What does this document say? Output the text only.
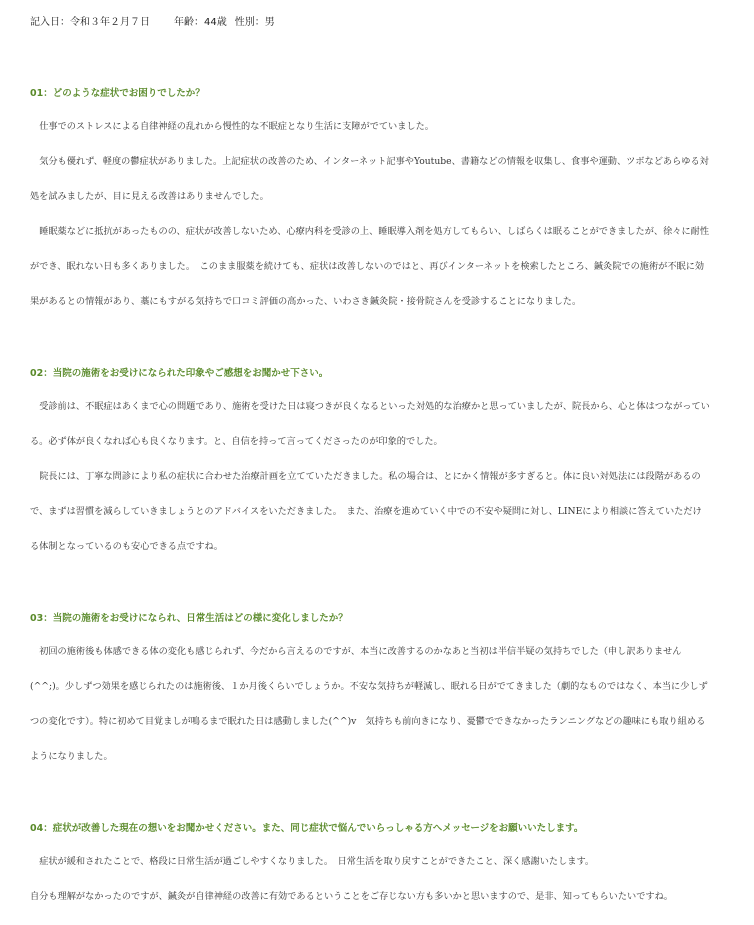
記入日：令和３年２月７日 年齢：44歳 性別：男
01：どのような症状でお困りでしたか？

仕事でのストレスによる自律神経の乱れから慢性的な不眠症となり生活に支障がでていました。

気分も優れず、軽度の鬱症状がありました。上記症状の改善のため、インターネット記事やYoutube、書籍などの情報を収集し、食事や運動、ツボなどあらゆる対処を試みましたが、目に見える改善はありませんでした。

睡眠薬などに抵抗があったものの、症状が改善しないため、心療内科を受診の上、睡眠導入剤を処方してもらい、しばらくは眠ることができましたが、徐々に耐性ができ、眠れない日も多くありました。　このまま服薬を続けても、症状は改善しないのではと、再びインターネットを検索したところ、鍼灸院での施術が不眠に効果があるとの情報があり、藁にもすがる気持ちで口コミ評価の高かった、いわさき鍼灸院・接骨院さんを受診することになりました。

02：当院の施術をお受けになられた印象やご感想をお聞かせ下さい。

受診前は、不眠症はあくまで心の問題であり、施術を受けた日は寝つきが良くなるといった対処的な治療かと思っていましたが、院長から、心と体はつながっている。必ず体が良くなれば心も良くなります。と、自信を持って言ってくださったのが印象的でした。

院長には、丁寧な問診により私の症状に合わせた治療計画を立てていただきました。私の場合は、とにかく情報が多すぎると。体に良い対処法には段階があるので、まずは習慣を減らしていきましょうとのアドバイスをいただきました。　また、治療を進めていく中での不安や疑問に対し、LINEにより相談に答えていただける体制となっているのも安心できる点ですね。

03：当院の施術をお受けになられ、日常生活はどの様に変化しましたか？

初回の施術後も体感できる体の変化も感じられず、今だから言えるのですが、本当に改善するのかなあと当初は半信半疑の気持ちでした（申し訳ありません(^^;)。少しずつ効果を感じられたのは施術後、１か月後くらいでしょうか。不安な気持ちが軽減し、眠れる日がでてきました（劇的なものではなく、本当に少しずつの変化です）。特に初めて目覚ましが鳴るまで眠れた日は感動しました(^^)v　気持ちも前向きになり、憂鬱でできなかったランニングなどの趣味にも取り組めるようになりました。

04：症状が改善した現在の想いをお聞かせください。また、同じ症状で悩んでいらっしゃる方へメッセージをお願いいたします。

症状が緩和されたことで、格段に日常生活が過ごしやすくなりました。　日常生活を取り戻すことができたこと、深く感謝いたします。

自分も理解がなかったのですが、鍼灸が自律神経の改善に有効であるということをご存じない方も多いかと思いますので、是非、知ってもらいたいですね。
